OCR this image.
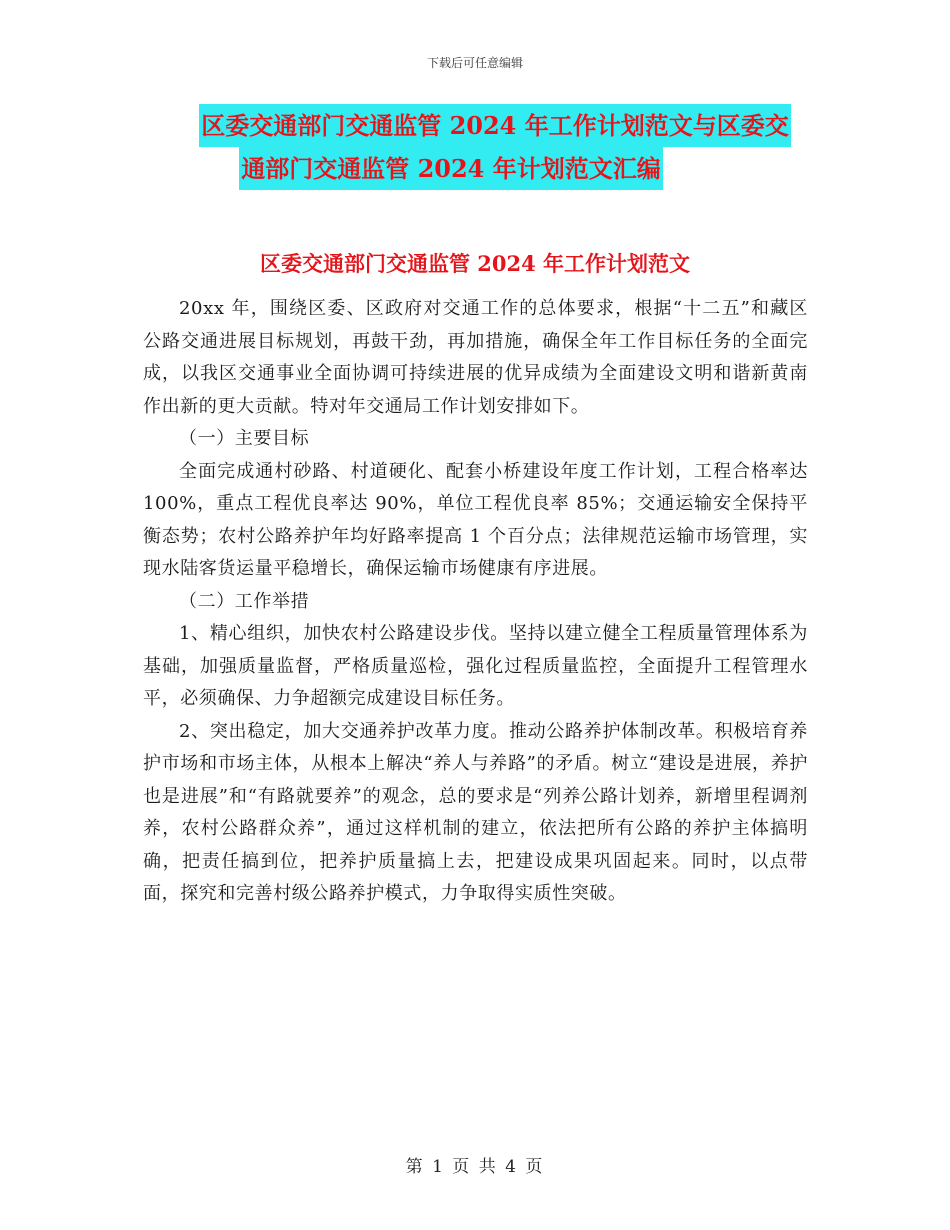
下载后可任意编辑
区委交通部门交通监管 2024 年工作计划范文与区委交
通部门交通监管 2024 年计划范文汇编
区委交通部门交通监管 2024 年工作计划范文

20xx 年，围绕区委、区政府对交通工作的总体要求，根据“十二五”和藏区公路交通进展目标规划，再鼓干劲，再加措施，确保全年工作目标任务的全面完成，以我区交通事业全面协调可持续进展的优异成绩为全面建设文明和谐新黄南作出新的更大贡献。特对年交通局工作计划安排如下。

（一）主要目标

全面完成通村砂路、村道硬化、配套小桥建设年度工作计划，工程合格率达 100%，重点工程优良率达 90%，单位工程优良率 85%；交通运输安全保持平衡态势；农村公路养护年均好路率提高 1 个百分点；法律规范运输市场管理，实现水陆客货运量平稳增长，确保运输市场健康有序进展。

（二）工作举措

1、精心组织，加快农村公路建设步伐。坚持以建立健全工程质量管理体系为基础，加强质量监督，严格质量巡检，强化过程质量监控，全面提升工程管理水平，必须确保、力争超额完成建设目标任务。

2、突出稳定，加大交通养护改革力度。推动公路养护体制改革。积极培育养护市场和市场主体，从根本上解决“养人与养路”的矛盾。树立“建设是进展，养护也是进展”和“有路就要养”的观念，总的要求是“列养公路计划养，新增里程调剂养，农村公路群众养”，通过这样机制的建立，依法把所有公路的养护主体搞明确，把责任搞到位，把养护质量搞上去，把建设成果巩固起来。同时，以点带面，探究和完善村级公路养护模式，力争取得实质性突破。

第 1 页 共 4 页
